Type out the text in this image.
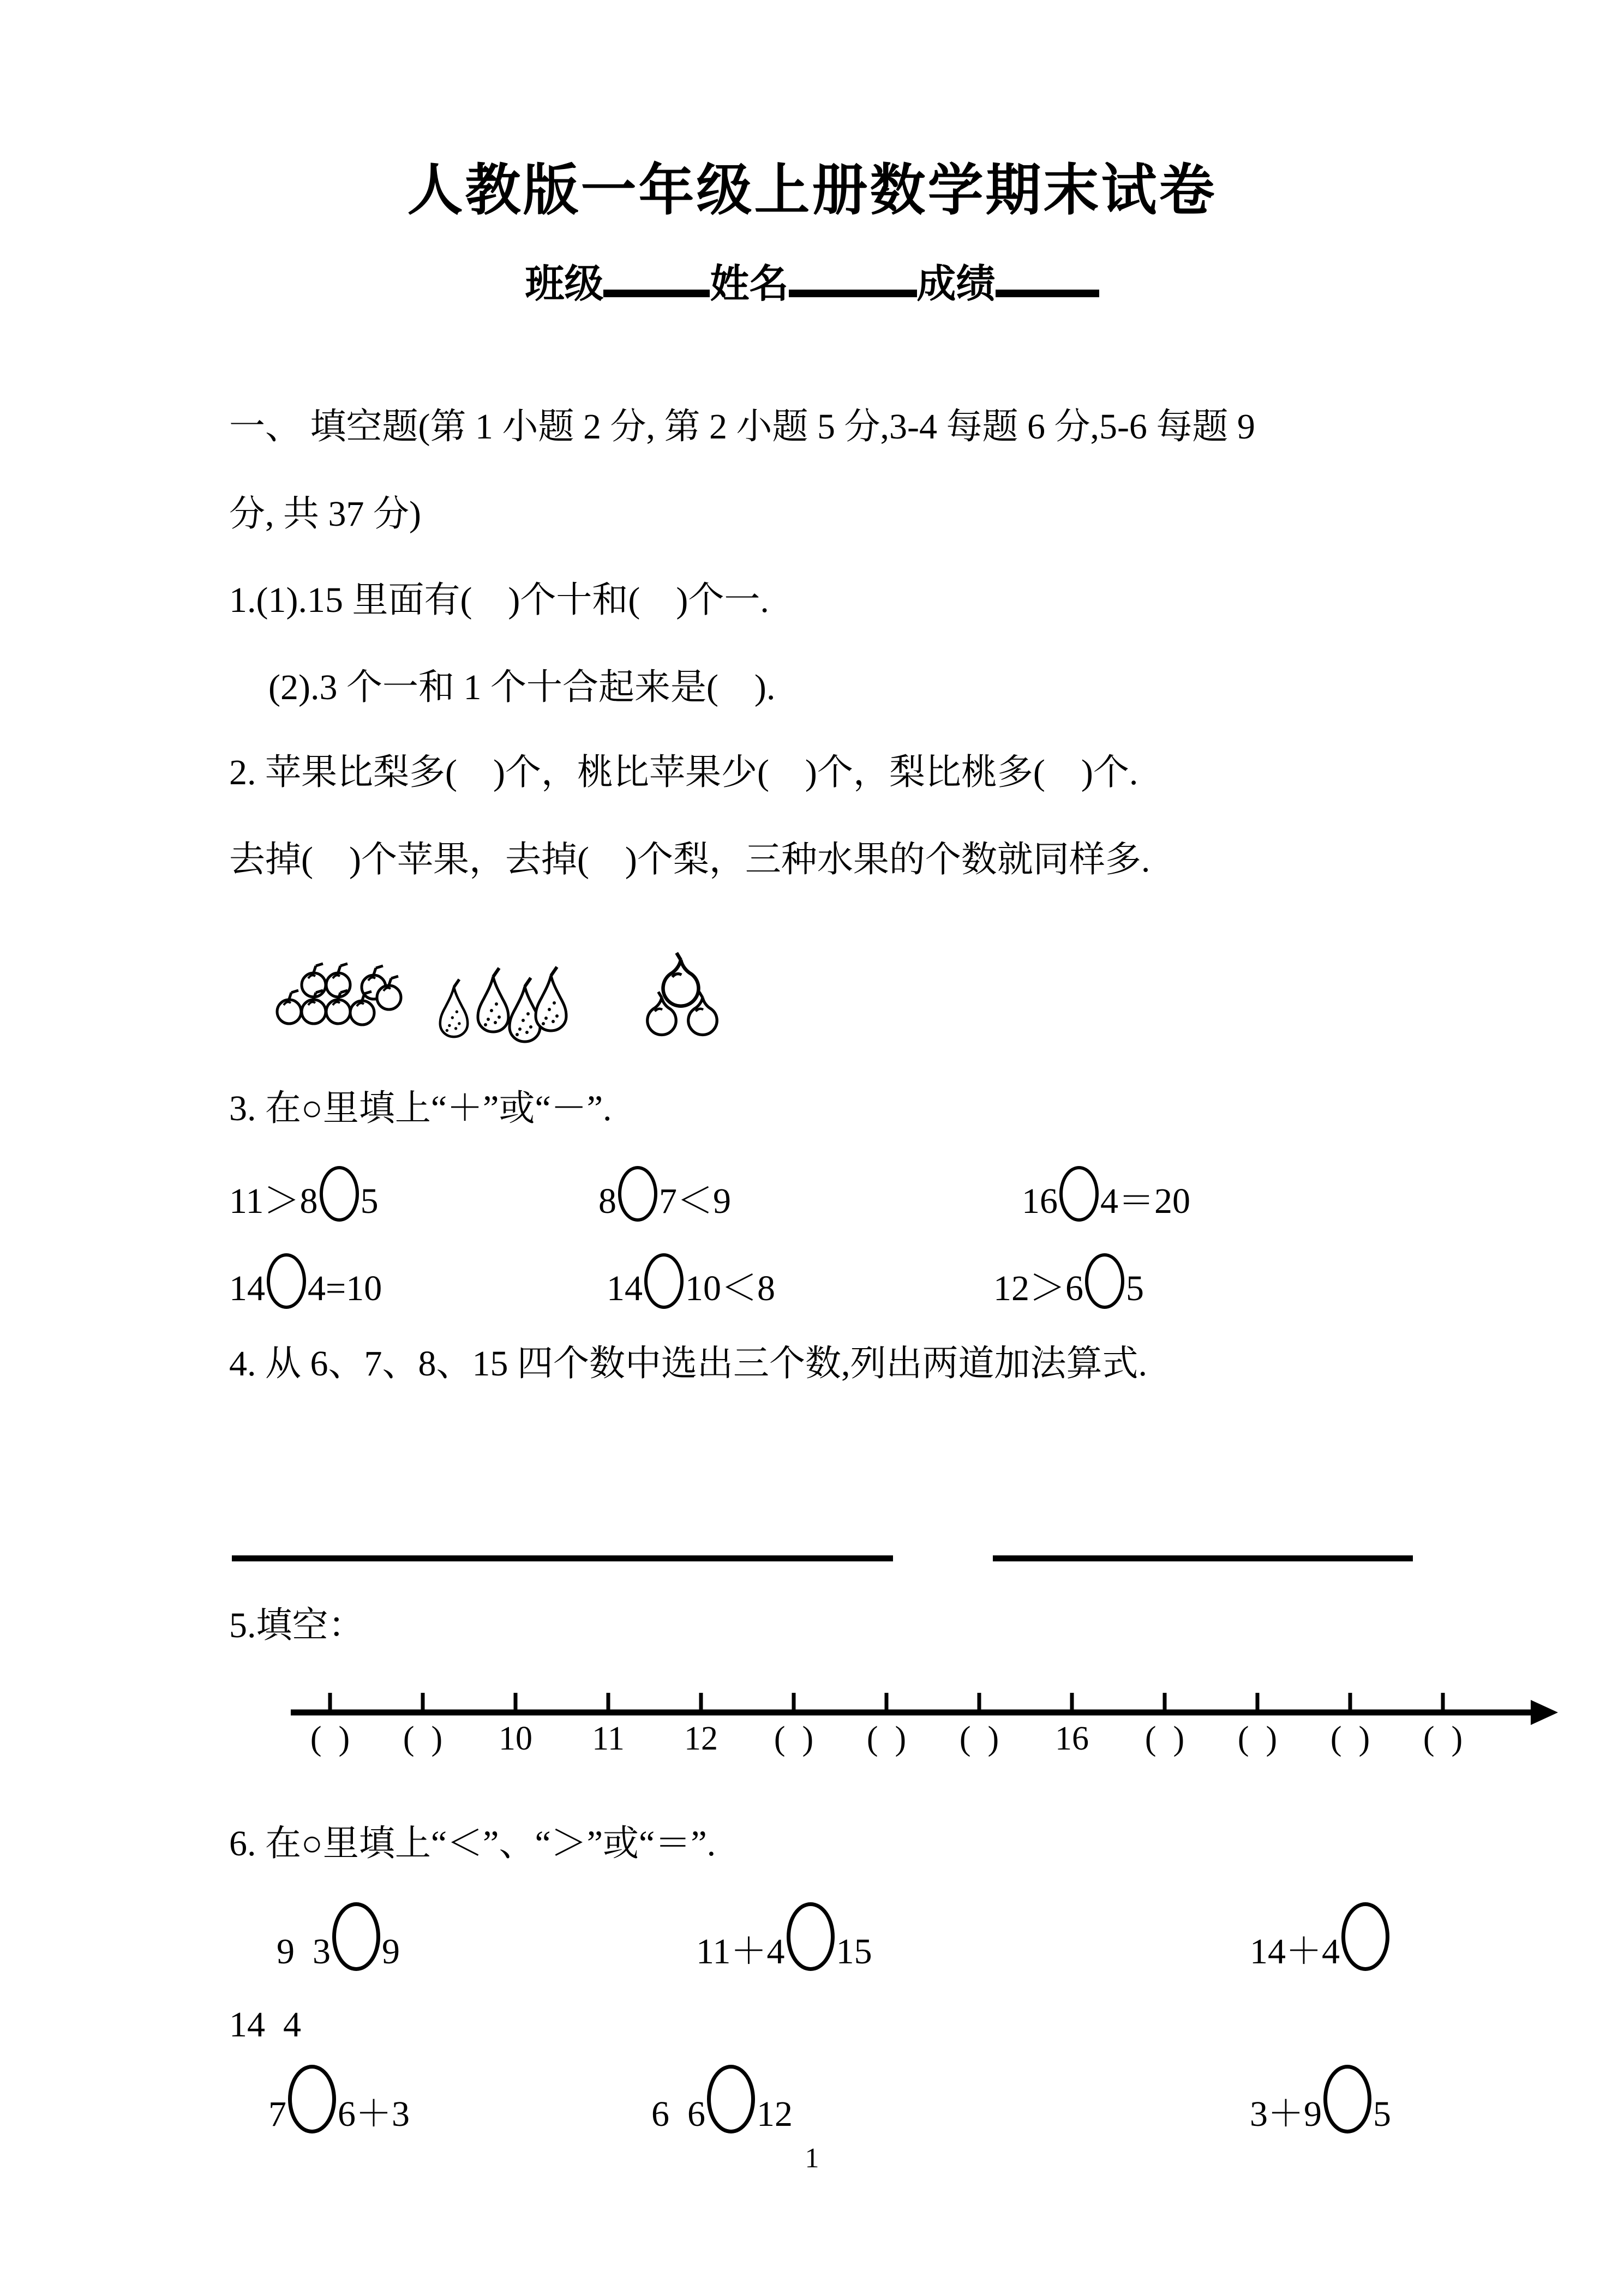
人教版一年级上册数学期末试卷
班级	姓名	成绩
一、 填空题(第 1 小题 2 分, 第 2 小题 5 分,3-4 每题 6 分,5-6 每题 9
分, 共 37 分)
1.(1).15 里面有(    )个十和(    )个一.
(2).3 个一和 1 个十合起来是(    ).
2. 苹果比梨多(    )个，桃比苹果少(    )个，梨比桃多(    )个.
去掉(    )个苹果，去掉(    )个梨，三种水果的个数就同样多.
3. 在○里填上“＋”或“－”.
11＞8 5	8 7＜9	16 4＝20
14 4=10	14 10＜8	12＞6 5
4. 从 6、7、8、15 四个数中选出三个数,列出两道加法算式.
5.填空：
(  )	(  )	10	11	12	(  )	(  )	(  )	16	(  )	(  )	(  )	(  )
6. 在○里填上“＜”、“＞”或“＝”.
9  3 9	11＋4 15	14＋4
14  4
7 6＋3	6  6 12	3＋9 5
1
